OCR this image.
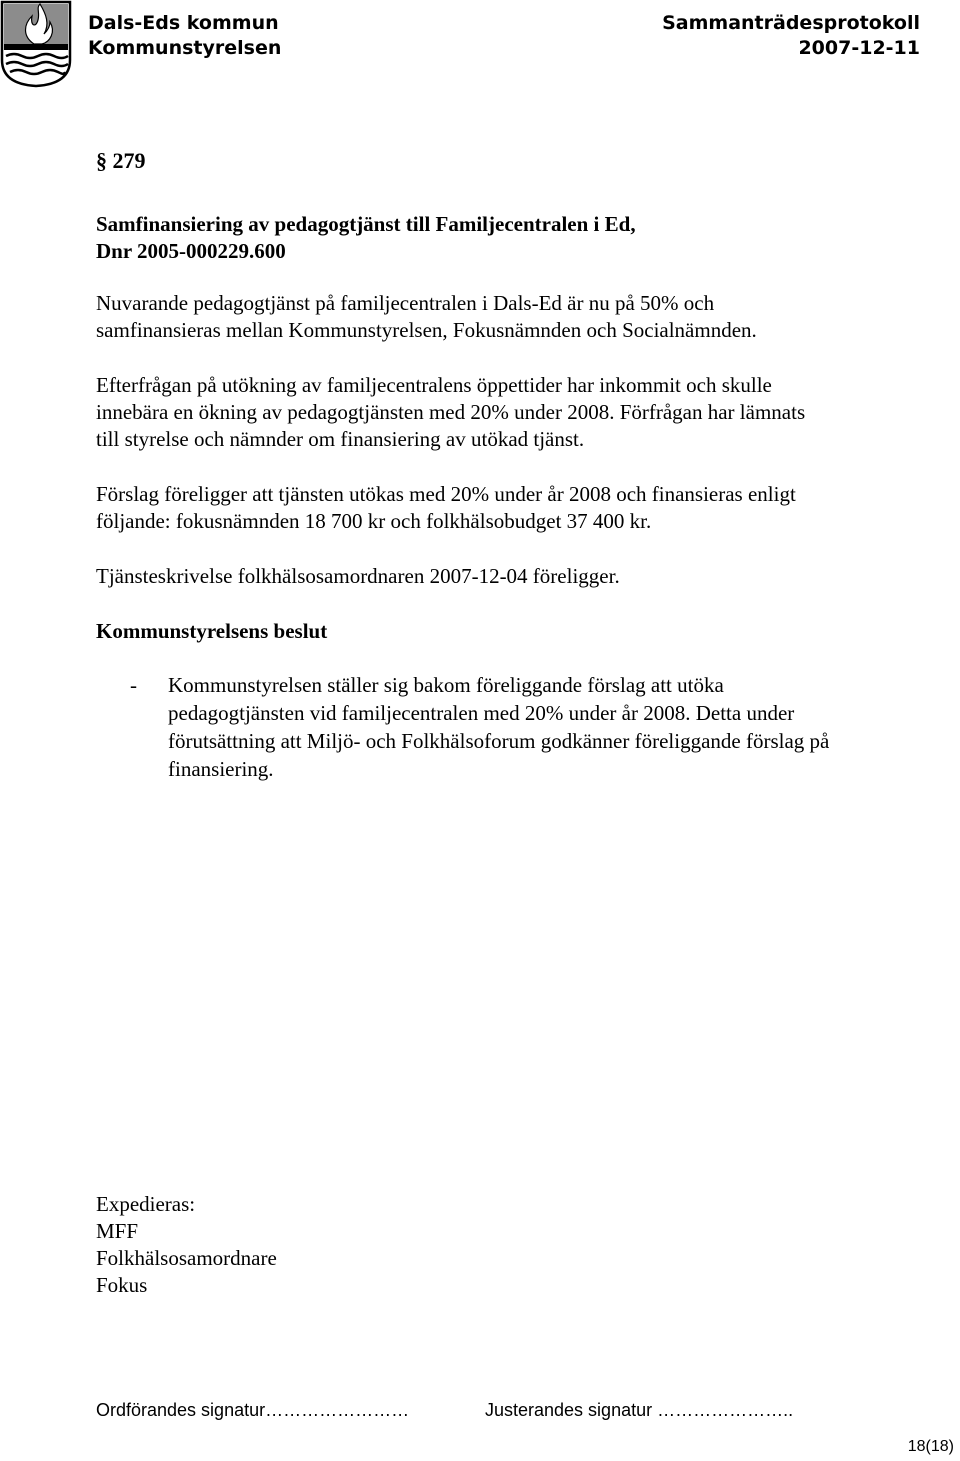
Dals-Eds kommun
Kommunstyrelsen
Sammanträdesprotokoll
2007-12-11
§ 279
Samfinansiering av pedagogtjänst till Familjecentralen i Ed,
Dnr 2005-000229.600
Nuvarande pedagogtjänst på familjecentralen i Dals-Ed är nu på 50% och
samfinansieras mellan Kommunstyrelsen, Fokusnämnden och Socialnämnden.
Efterfrågan på utökning av familjecentralens öppettider har inkommit och skulle
innebära en ökning av pedagogtjänsten med 20% under 2008. Förfrågan har lämnats
till styrelse och nämnder om finansiering av utökad tjänst.
Förslag föreligger att tjänsten utökas med 20% under år 2008 och finansieras enligt
följande: fokusnämnden 18 700 kr och folkhälsobudget 37 400 kr.
Tjänsteskrivelse folkhälsosamordnaren 2007-12-04 föreligger.
Kommunstyrelsens beslut
- Kommunstyrelsen ställer sig bakom föreliggande förslag att utöka
pedagogtjänsten vid familjecentralen med 20% under år 2008. Detta under
förutsättning att Miljö- och Folkhälsoforum godkänner föreliggande förslag på
finansiering.
Expedieras:
MFF
Folkhälsosamordnare
Fokus
Ordförandes signatur……………………	Justerandes signatur …………………..
18(18)
